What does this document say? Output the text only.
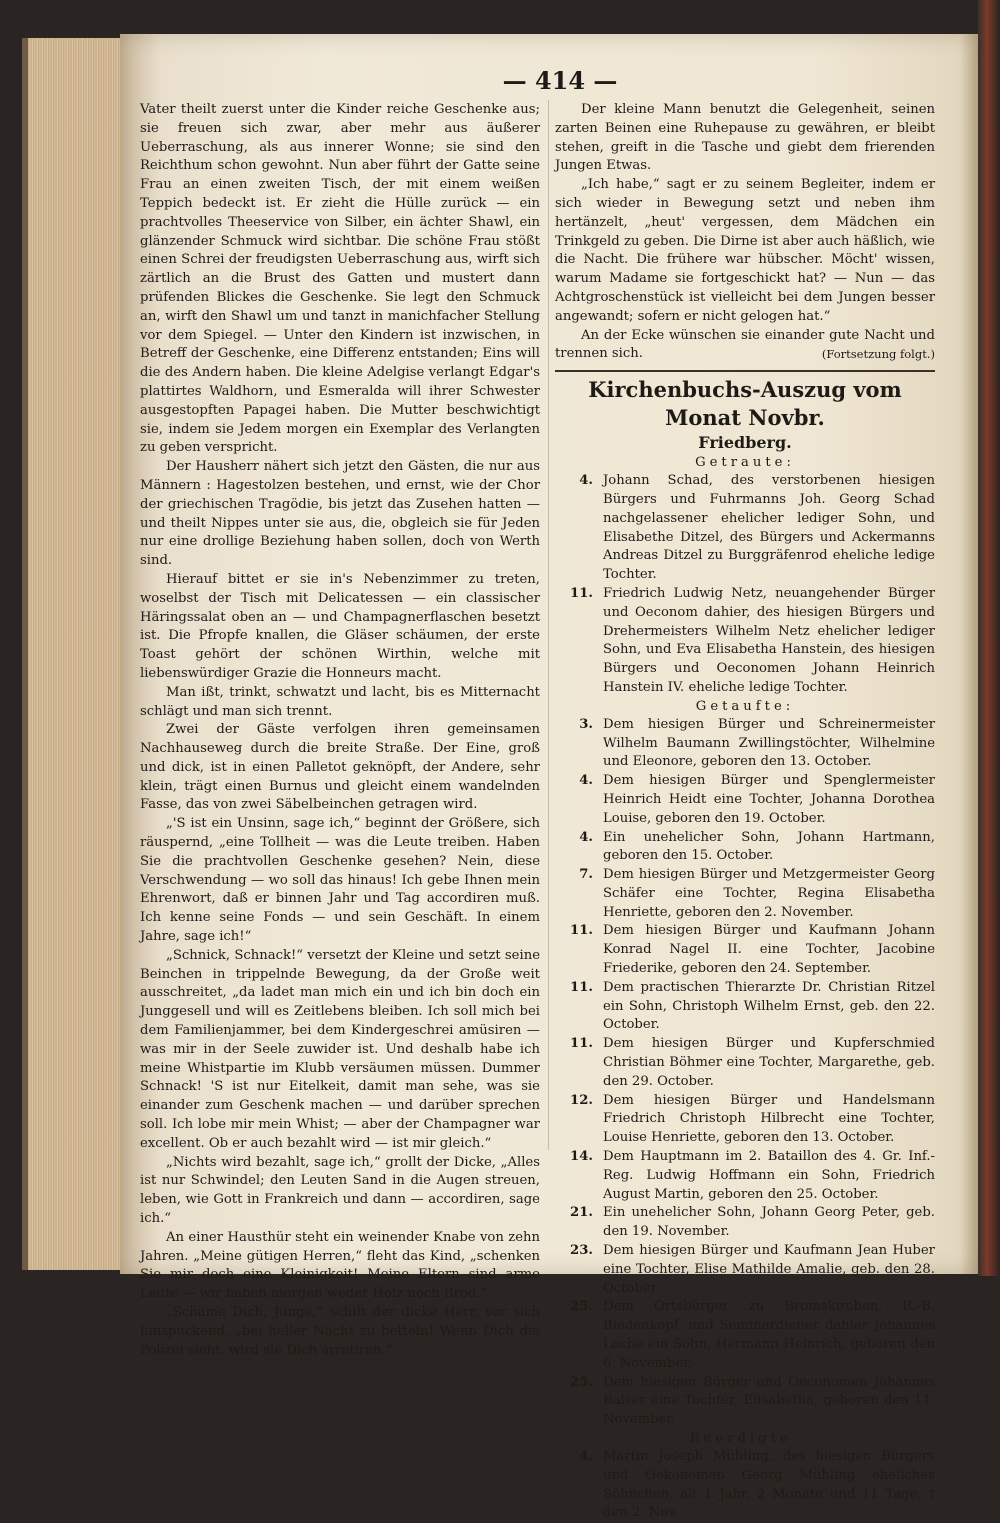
— 414 —

Vater theilt zuerst unter die Kinder reiche Geschenke aus; sie freuen sich zwar, aber mehr aus äußerer Ueberraschung, als aus innerer Wonne; sie sind den Reichthum schon gewohnt. Nun aber führt der Gatte seine Frau an einen zweiten Tisch, der mit einem weißen Teppich bedeckt ist. Er zieht die Hülle zurück — ein prachtvolles Theeservice von Silber, ein ächter Shawl, ein glänzender Schmuck wird sichtbar. Die schöne Frau stößt einen Schrei der freudigsten Ueberraschung aus, wirft sich zärtlich an die Brust des Gatten und mustert dann prüfenden Blickes die Geschenke. Sie legt den Schmuck an, wirft den Shawl um und tanzt in manichfacher Stellung vor dem Spiegel. — Unter den Kindern ist inzwischen, in Betreff der Geschenke, eine Differenz entstanden; Eins will die des Andern haben. Die kleine Adelgise verlangt Edgar's plattirtes Waldhorn, und Esmeralda will ihrer Schwester ausgestopften Papagei haben. Die Mutter beschwichtigt sie, indem sie Jedem morgen ein Exemplar des Verlangten zu geben verspricht.

Der Hausherr nähert sich jetzt den Gästen, die nur aus Männern : Hagestolzen bestehen, und ernst, wie der Chor der griechischen Tragödie, bis jetzt das Zusehen hatten — und theilt Nippes unter sie aus, die, obgleich sie für Jeden nur eine drollige Beziehung haben sollen, doch von Werth sind.

Hierauf bittet er sie in's Nebenzimmer zu treten, woselbst der Tisch mit Delicatessen — ein classischer Häringssalat oben an — und Champagnerflaschen besetzt ist. Die Pfropfe knallen, die Gläser schäumen, der erste Toast gehört der schönen Wirthin, welche mit liebenswürdiger Grazie die Honneurs macht.

Man ißt, trinkt, schwatzt und lacht, bis es Mitternacht schlägt und man sich trennt.

Zwei der Gäste verfolgen ihren gemeinsamen Nachhauseweg durch die breite Straße. Der Eine, groß und dick, ist in einen Palletot geknöpft, der Andere, sehr klein, trägt einen Burnus und gleicht einem wandelnden Fasse, das von zwei Säbelbeinchen getragen wird.

„'S ist ein Unsinn, sage ich,“ beginnt der Größere, sich räuspernd, „eine Tollheit — was die Leute treiben. Haben Sie die prachtvollen Geschenke gesehen? Nein, diese Verschwendung — wo soll das hinaus! Ich gebe Ihnen mein Ehrenwort, daß er binnen Jahr und Tag accordiren muß. Ich kenne seine Fonds — und sein Geschäft. In einem Jahre, sage ich!“

„Schnick, Schnack!“ versetzt der Kleine und setzt seine Beinchen in trippelnde Bewegung, da der Große weit ausschreitet, „da ladet man mich ein und ich bin doch ein Junggesell und will es Zeitlebens bleiben. Ich soll mich bei dem Familienjammer, bei dem Kindergeschrei amüsiren — was mir in der Seele zuwider ist. Und deshalb habe ich meine Whistpartie im Klubb versäumen müssen. Dummer Schnack! 'S ist nur Eitelkeit, damit man sehe, was sie einander zum Geschenk machen — und darüber sprechen soll. Ich lobe mir mein Whist; — aber der Champagner war excellent. Ob er auch bezahlt wird — ist mir gleich.“

„Nichts wird bezahlt, sage ich,“ grollt der Dicke, „Alles ist nur Schwindel; den Leuten Sand in die Augen streuen, leben, wie Gott in Frankreich und dann — accordiren, sage ich.“

An einer Hausthür steht ein weinender Knabe von zehn Jahren. „Meine gütigen Herren,“ fleht das Kind, „schenken Sie mir doch eine Kleinigkeit! Meine Eltern sind arme Leute — wir haben morgen weder Holz noch Brod.“

„Schäme Dich, Junge,“ schilt der dicke Herr, vor sich hinspuckend, „bei heller Nacht zu betteln! Wenn Dich die Polizei sieht, wird sie Dich arretiren.“

Der kleine Mann benutzt die Gelegenheit, seinen zarten Beinen eine Ruhepause zu gewähren, er bleibt stehen, greift in die Tasche und giebt dem frierenden Jungen Etwas.

„Ich habe,“ sagt er zu seinem Begleiter, indem er sich wieder in Bewegung setzt und neben ihm hertänzelt, „heut' vergessen, dem Mädchen ein Trinkgeld zu geben. Die Dirne ist aber auch häßlich, wie die Nacht. Die frühere war hübscher. Möcht' wissen, warum Madame sie fortgeschickt hat? — Nun — das Achtgroschenstück ist vielleicht bei dem Jungen besser angewandt; sofern er nicht gelogen hat.“

An der Ecke wünschen sie einander gute Nacht und trennen sich.	(Fortsetzung folgt.)

Kirchenbuchs-Auszug vom Monat Novbr.
Friedberg.
Getraute:
4. Johann Schad, des verstorbenen hiesigen Bürgers und Fuhrmanns Joh. Georg Schad nachgelassener ehelicher lediger Sohn, und Elisabethe Ditzel, des Bürgers und Ackermanns Andreas Ditzel zu Burggräfenrod eheliche ledige Tochter.
11. Friedrich Ludwig Netz, neuangehender Bürger und Oeconom dahier, des hiesigen Bürgers und Drehermeisters Wilhelm Netz ehelicher lediger Sohn, und Eva Elisabetha Hanstein, des hiesigen Bürgers und Oeconomen Johann Heinrich Hanstein IV. eheliche ledige Tochter.
Getaufte:
3. Dem hiesigen Bürger und Schreinermeister Wilhelm Baumann Zwillingstöchter, Wilhelmine und Eleonore, geboren den 13. October.
4. Dem hiesigen Bürger und Spenglermeister Heinrich Heidt eine Tochter, Johanna Dorothea Louise, geboren den 19. October.
4. Ein unehelicher Sohn, Johann Hartmann, geboren den 15. October.
7. Dem hiesigen Bürger und Metzgermeister Georg Schäfer eine Tochter, Regina Elisabetha Henriette, geboren den 2. November.
11. Dem hiesigen Bürger und Kaufmann Johann Konrad Nagel II. eine Tochter, Jacobine Friederike, geboren den 24. September.
11. Dem practischen Thierarzte Dr. Christian Ritzel ein Sohn, Christoph Wilhelm Ernst, geb. den 22. October.
11. Dem hiesigen Bürger und Kupferschmied Christian Böhmer eine Tochter, Margarethe, geb. den 29. October.
12. Dem hiesigen Bürger und Handelsmann Friedrich Christoph Hilbrecht eine Tochter, Louise Henriette, geboren den 13. October.
14. Dem Hauptmann im 2. Bataillon des 4. Gr. Inf.-Reg. Ludwig Hoffmann ein Sohn, Friedrich August Martin, geboren den 25. October.
21. Ein unehelicher Sohn, Johann Georg Peter, geb. den 19. November.
23. Dem hiesigen Bürger und Kaufmann Jean Huber eine Tochter, Elise Mathilde Amalie, geb. den 28. October.
25. Dem Ortsbürger zu Bromskirchen, R.-B. Biedenkopf, und Seminardiener dahier Johannes Lache ein Sohn, Hermann Heinrich, geboren den 6. November.
25. Dem hiesigen Bürger und Oeconomen Johannes Balser eine Tochter, Elisabetha, geboren den 11. November.
Beerdigte:
4. Martin Joseph Mühling, des hiesigen Bürgers und Oekonomen Georg Mühling eheliches Söhnchen, alt 1 Jahr, 2 Monate und 11 Tage, † den 2. Nov.
